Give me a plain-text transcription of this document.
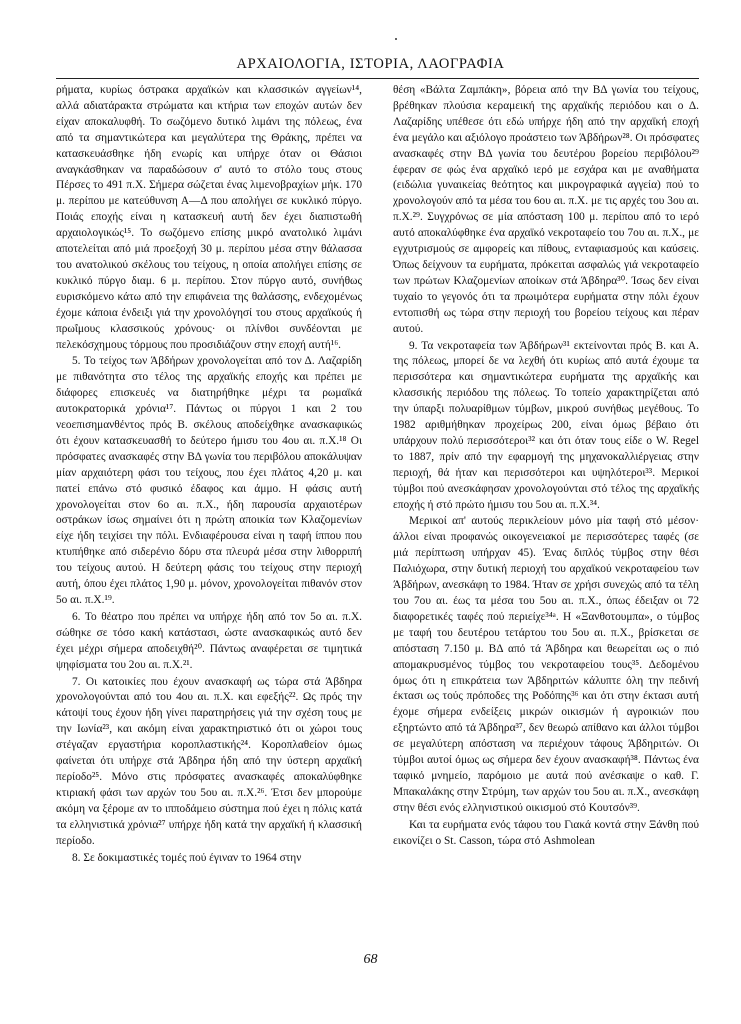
ΑΡΧΑΙΟΛΟΓΙΑ, ΙΣΤΟΡΙΑ, ΛΑΟΓΡΑΦΙΑ

ρήματα, κυρίως όστρακα αρχαϊκών και κλασσικών αγγείων¹⁴, αλλά αδιατάρακτα στρώματα και κτήρια των εποχών αυτών δεν είχαν αποκαλυφθή. Το σωζόμενο δυτικό λιμάνι της πόλεως, ένα από τα σημαντικώτερα και μεγαλύτερα της Θράκης, πρέπει να κατασκευάσθηκε ήδη ενωρίς και υπήρχε όταν οι Θάσιοι αναγκάσθηκαν να παραδώσουν σ' αυτό το στόλο τους στους Πέρσες το 491 π.Χ. Σήμερα σώζεται ένας λιμενοβραχίων μήκ. 170 μ. περίπου με κατεύθυνση Α—Δ που απολήγει σε κυκλικό πύργο. Ποιάς εποχής είναι η κατασκευή αυτή δεν έχει διαπιστωθή αρχαιολογικώς¹⁵. Το σωζόμενο επίσης μικρό ανατολικό λιμάνι αποτελείται από μιά προεξοχή 30 μ. περίπου μέσα στην θάλασσα του ανατολικού σκέλους του τείχους, η οποία απολήγει επίσης σε κυκλικό πύργο διαμ. 6 μ. περίπου. Στον πύργο αυτό, συνήθως ευρισκόμενο κάτω από την επιφάνεια της θαλάσσης, ενδεχομένως έχομε κάποια ένδειξι γιά την χρονολόγησί του στους αρχαϊκούς ή πρωΐμους κλασσικούς χρόνους· οι πλίνθοι συνδέονται με πελεκόσχημους τόρμους που προσιδιάζουν στην εποχή αυτή¹⁶.

5. Το τείχος των Άβδήρων χρονολογείται από τον Δ. Λαζαρίδη με πιθανότητα στο τέλος της αρχαϊκής εποχής και πρέπει με διάφορες επισκευές να διατηρήθηκε μέχρι τα ρωμαϊκά αυτοκρατορικά χρόνια¹⁷. Πάντως οι πύργοι 1 και 2 του νεοεπισημανθέντος πρός Β. σκέλους αποδείχθηκε ανασκαφικώς ότι έχουν κατασκευασθή το δεύτερο ήμισυ του 4ου αι. π.Χ.¹⁸ Οι πρόσφατες ανασκαφές στην ΒΔ γωνία του περιβόλου αποκάλυψαν μίαν αρχαιότερη φάσι του τείχους, που έχει πλάτος 4,20 μ. και πατεί επάνω στό φυσικό έδαφος και άμμο. Η φάσις αυτή χρονολογείται στον 6ο αι. π.Χ., ήδη παρουσία αρχαιοτέρων οστράκων ίσως σημαίνει ότι η πρώτη αποικία των Κλαζομενίων είχε ήδη τειχίσει την πόλι. Ενδιαφέρουσα είναι η ταφή ίππου που κτυπήθηκε από σιδερένιο δόρυ στα πλευρά μέσα στην λιθορριπή του τείχους αυτού. Η δεύτερη φάσις του τείχους στην περιοχή αυτή, όπου έχει πλάτος 1,90 μ. μόνον, χρονολογείται πιθανόν στον 5ο αι. π.Χ.¹⁹.

6. Το θέατρο που πρέπει να υπήρχε ήδη από τον 5ο αι. π.Χ. σώθηκε σε τόσο κακή κατάστασι, ώστε ανασκαφικώς αυτό δεν έχει μέχρι σήμερα αποδειχθή²⁰. Πάντως αναφέρεται σε τιμητικά ψηφίσματα του 2ου αι. π.Χ.²¹.

7. Οι κατοικίες που έχουν ανασκαφή ως τώρα στά Άβδηρα χρονολογούνται από του 4ου αι. π.Χ. και εφεξής²². Ως πρός την κάτοψί τους έχουν ήδη γίνει παρατηρήσεις γιά την σχέση τους με την Ιωνία²³, και ακόμη είναι χαρακτηριστικό ότι οι χώροι τους στέγαζαν εργαστήρια κοροπλαστικής²⁴. Κοροπλαθείον όμως φαίνεται ότι υπήρχε στά Άβδηρα ήδη από την ύστερη αρχαϊκή περίοδο²⁵. Μόνο στις πρόσφατες ανασκαφές αποκαλύφθηκε κτιριακή φάσι των αρχών του 5ου αι. π.Χ.²⁶. Έτσι δεν μπορούμε ακόμη να ξέρομε αν το ιπποδάμειο σύστημα πού έχει η πόλις κατά τα ελληνιστικά χρόνια²⁷ υπήρχε ήδη κατά την αρχαϊκή ή κλασσική περίοδο.

8. Σε δοκιμαστικές τομές πού έγιναν το 1964 στην

θέση «Βάλτα Ζαμπάκη», βόρεια από την ΒΔ γωνία του τείχους, βρέθηκαν πλούσια κεραμεική της αρχαϊκής περιόδου και ο Δ. Λαζαρίδης υπέθεσε ότι εδώ υπήρχε ήδη από την αρχαϊκή εποχή ένα μεγάλο και αξιόλογο προάστειο των Άβδήρων²⁸. Οι πρόσφατες ανασκαφές στην ΒΔ γωνία του δευτέρου βορείου περιβόλου²⁹ έφεραν σε φώς ένα αρχαϊκό ιερό με εσχάρα και με αναθήματα (ειδώλια γυναικείας θεότητος και μικρογραφικά αγγεία) πού το χρονολογούν από τα μέσα του 6ου αι. π.Χ. με τις αρχές του 3ου αι. π.Χ.²⁹. Συγχρόνως σε μία απόσταση 100 μ. περίπου από το ιερό αυτό αποκαλύφθηκε ένα αρχαϊκό νεκροταφείο του 7ου αι. π.Χ., με εγχυτρισμούς σε αμφορείς και πίθους, ενταφιασμούς και καύσεις. Όπως δείχνουν τα ευρήματα, πρόκειται ασφαλώς γιά νεκροταφείο των πρώτων Κλαζομενίων αποίκων στά Άβδηρα³⁰. Ίσως δεν είναι τυχαίο το γεγονός ότι τα πρωιμότερα ευρήματα στην πόλι έχουν εντοπισθή ως τώρα στην περιοχή του βορείου τείχους και πέραν αυτού.

9. Τα νεκροταφεία των Άβδήρων³¹ εκτείνονται πρός Β. και Α. της πόλεως, μπορεί δε να λεχθή ότι κυρίως από αυτά έχουμε τα περισσότερα και σημαντικώτερα ευρήματα της αρχαϊκής και κλασσικής περιόδου της πόλεως. Το τοπείο χαρακτηρίζεται από την ύπαρξι πολυαρίθμων τύμβων, μικρού συνήθως μεγέθους. Το 1982 αριθμήθηκαν προχείρως 200, είναι όμως βέβαιο ότι υπάρχουν πολύ περισσότεροι³² και ότι όταν τους είδε ο W. Regel το 1887, πρίν από την εφαρμογή της μηχανοκαλλιέργειας στην περιοχή, θά ήταν και περισσότεροι και υψηλότεροι³³. Μερικοί τύμβοι πού ανεσκάφησαν χρονολογούνται στό τέλος της αρχαϊκής εποχής ή στό πρώτο ήμισυ του 5ου αι. π.Χ.³⁴.

Μερικοί απ' αυτούς περικλείουν μόνο μία ταφή στό μέσον· άλλοι είναι προφανώς οικογενειακοί με περισσότερες ταφές (σε μιά περίπτωση υπήρχαν 45). Ένας διπλός τύμβος στην θέσι Παλιόχωρα, στην δυτική περιοχή του αρχαϊκού νεκροταφείου των Άβδήρων, ανεσκάφη το 1984. Ήταν σε χρήσι συνεχώς από τα τέλη του 7ου αι. έως τα μέσα του 5ου αι. π.Χ., όπως έδειξαν οι 72 διαφορετικές ταφές πού περιείχε³⁴ᵃ. Η «Ξανθοτουμπα», ο τύμβος με ταφή του δευτέρου τετάρτου του 5ου αι. π.Χ., βρίσκεται σε απόσταση 7.150 μ. ΒΔ από τά Άβδηρα και θεωρείται ως ο πιό απομακρυσμένος τύμβος του νεκροταφείου τους³⁵. Δεδομένου όμως ότι η επικράτεια των Άβδηριτών κάλυπτε όλη την πεδινή έκτασι ως τούς πρόποδες της Ροδόπης³⁶ και ότι στην έκτασι αυτή έχομε σήμερα ενδείξεις μικρών οικισμών ή αγροικιών που εξηρτώντο από τά Άβδηρα³⁷, δεν θεωρώ απίθανο και άλλοι τύμβοι σε μεγαλύτερη απόσταση να περιέχουν τάφους Άβδηριτών. Οι τύμβοι αυτοί όμως ως σήμερα δεν έχουν ανασκαφή³⁸. Πάντως ένα ταφικό μνημείο, παρόμοιο με αυτά πού ανέσκαψε ο καθ. Γ. Μπακαλάκης στην Στρύμη, των αρχών του 5ου αι. π.Χ., ανεσκάφη στην θέσι ενός ελληνιστικού οικισμού στό Κουτσόν³⁹.

Και τα ευρήματα ενός τάφου του Γιακά κοντά στην Ξάνθη πού εικονίζει ο St. Casson, τώρα στό Ashmolean

68
